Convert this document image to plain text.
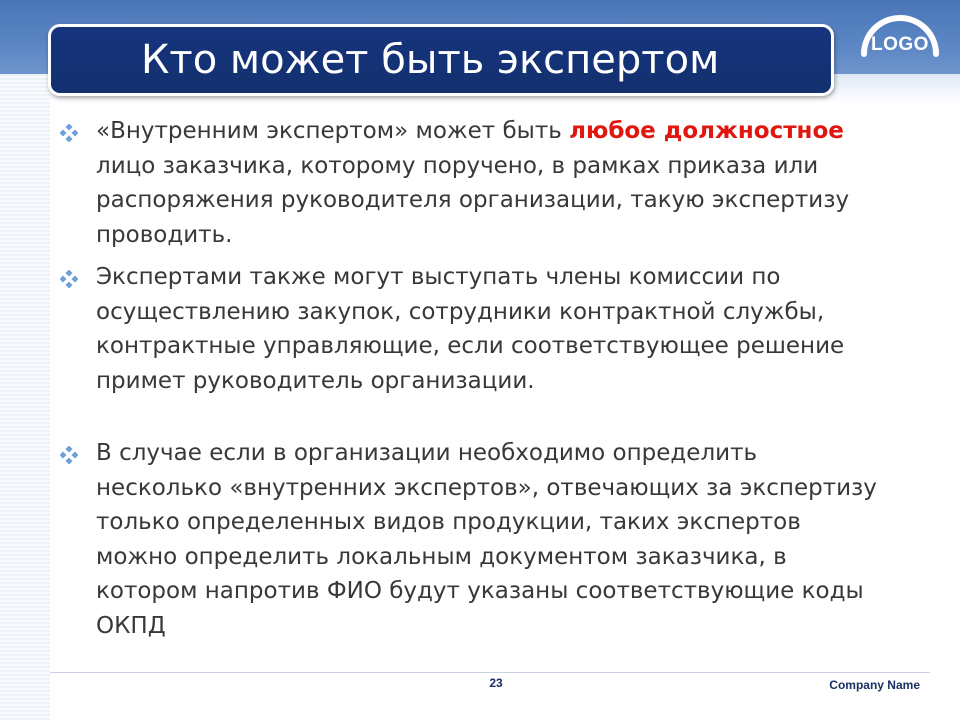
Кто может быть экспертом	LOGO
«Внутренним экспертом» может быть любое должностное лицо заказчика, которому поручено, в рамках приказа или распоряжения руководителя организации, такую экспертизу проводить.
Экспертами также могут выступать члены комиссии по осуществлению закупок, сотрудники контрактной службы, контрактные управляющие, если соответствующее решение примет руководитель организации.
В случае если в организации необходимо определить несколько «внутренних экспертов», отвечающих за экспертизу только определенных видов продукции, таких экспертов можно определить локальным документом заказчика, в котором напротив ФИО будут указаны соответствующие коды ОКПД
23	Company Name
